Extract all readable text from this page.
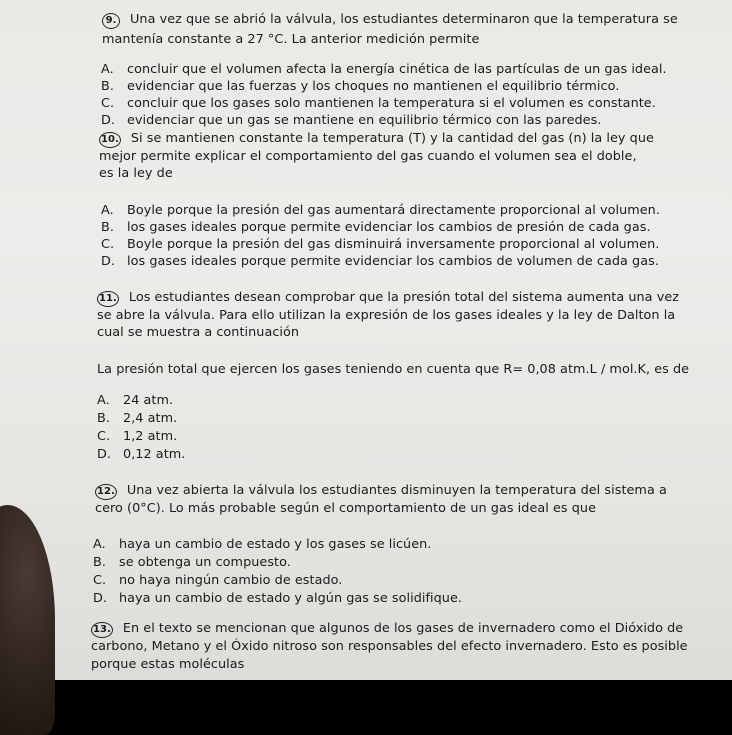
9. Una vez que se abrió la válvula, los estudiantes determinaron que la temperatura se
mantenía constante a 27 °C. La anterior medición permite
A. concluir que el volumen afecta la energía cinética de las partículas de un gas ideal.
B. evidenciar que las fuerzas y los choques no mantienen el equilibrio térmico.
C. concluir que los gases solo mantienen la temperatura si el volumen es constante.
D. evidenciar que un gas se mantiene en equilibrio térmico con las paredes.
10. Si se mantienen constante la temperatura (T) y la cantidad del gas (n) la ley que
mejor permite explicar el comportamiento del gas cuando el volumen sea el doble,
es la ley de
A. Boyle porque la presión del gas aumentará directamente proporcional al volumen.
B. los gases ideales porque permite evidenciar los cambios de presión de cada gas.
C. Boyle porque la presión del gas disminuirá inversamente proporcional al volumen.
D. los gases ideales porque permite evidenciar los cambios de volumen de cada gas.
11. Los estudiantes desean comprobar que la presión total del sistema aumenta una vez
se abre la válvula. Para ello utilizan la expresión de los gases ideales y la ley de Dalton la
cual se muestra a continuación
La presión total que ejercen los gases teniendo en cuenta que R= 0,08 atm.L / mol.K, es de
A. 24 atm.
B. 2,4 atm.
C. 1,2 atm.
D. 0,12 atm.
12. Una vez abierta la válvula los estudiantes disminuyen la temperatura del sistema a
cero (0°C). Lo más probable según el comportamiento de un gas ideal es que
A. haya un cambio de estado y los gases se licúen.
B. se obtenga un compuesto.
C. no haya ningún cambio de estado.
D. haya un cambio de estado y algún gas se solidifique.
13. En el texto se mencionan que algunos de los gases de invernadero como el Dióxido de
carbono, Metano y el Óxido nitroso son responsables del efecto invernadero. Esto es posible
porque estas moléculas
